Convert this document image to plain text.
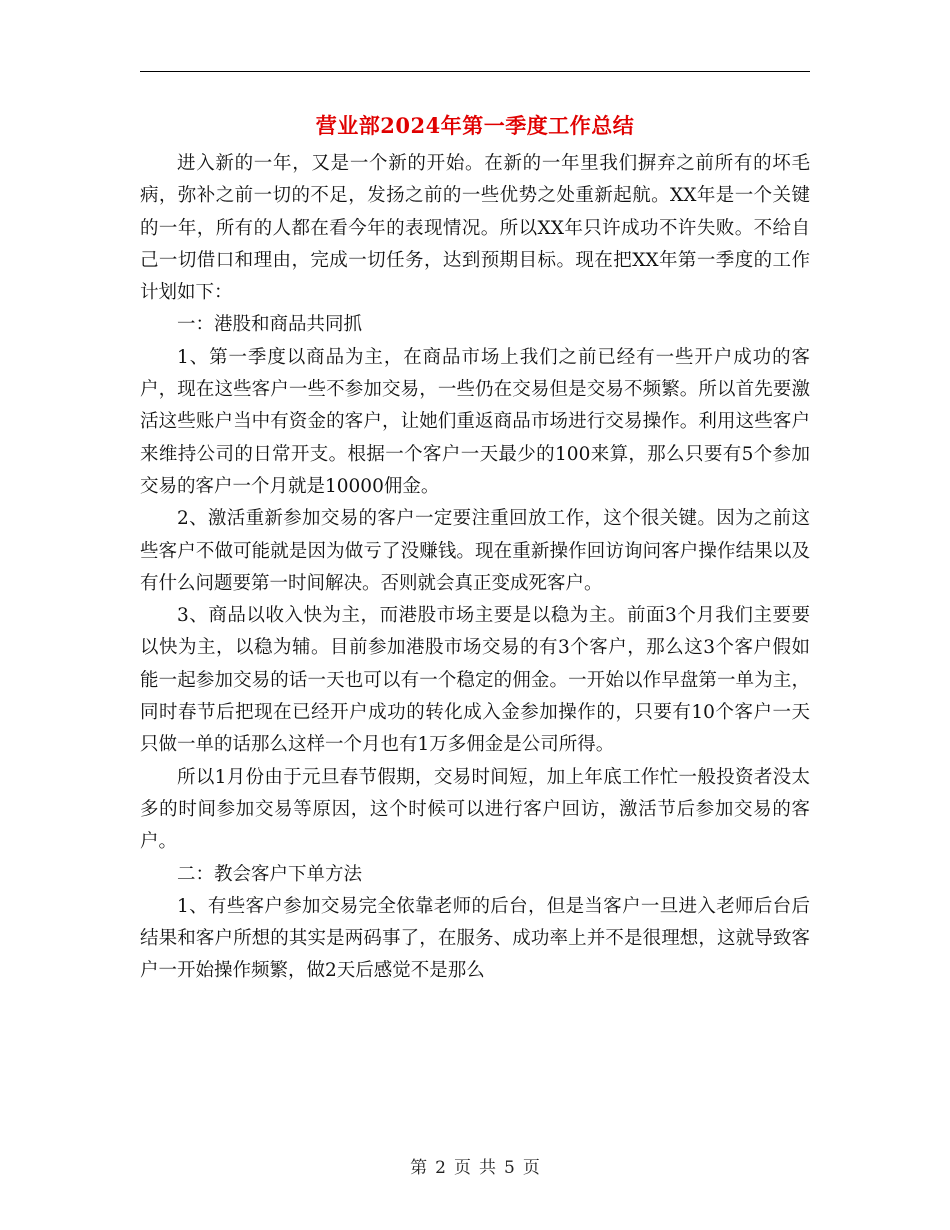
营业部2024年第一季度工作总结

进入新的一年，又是一个新的开始。在新的一年里我们摒弃之前所有的坏毛病，弥补之前一切的不足，发扬之前的一些优势之处重新起航。XX年是一个关键的一年，所有的人都在看今年的表现情况。所以XX年只许成功不许失败。不给自己一切借口和理由，完成一切任务，达到预期目标。现在把XX年第一季度的工作计划如下：

一：港股和商品共同抓

1、第一季度以商品为主，在商品市场上我们之前已经有一些开户成功的客户，现在这些客户一些不参加交易，一些仍在交易但是交易不频繁。所以首先要激活这些账户当中有资金的客户，让她们重返商品市场进行交易操作。利用这些客户来维持公司的日常开支。根据一个客户一天最少的100来算，那么只要有5个参加交易的客户一个月就是10000佣金。

2、激活重新参加交易的客户一定要注重回放工作，这个很关键。因为之前这些客户不做可能就是因为做亏了没赚钱。现在重新操作回访询问客户操作结果以及有什么问题要第一时间解决。否则就会真正变成死客户。

3、商品以收入快为主，而港股市场主要是以稳为主。前面3个月我们主要要以快为主，以稳为辅。目前参加港股市场交易的有3个客户，那么这3个客户假如能一起参加交易的话一天也可以有一个稳定的佣金。一开始以作早盘第一单为主，同时春节后把现在已经开户成功的转化成入金参加操作的，只要有10个客户一天只做一单的话那么这样一个月也有1万多佣金是公司所得。

所以1月份由于元旦春节假期，交易时间短，加上年底工作忙一般投资者没太多的时间参加交易等原因，这个时候可以进行客户回访，激活节后参加交易的客户。

二：教会客户下单方法

1、有些客户参加交易完全依靠老师的后台，但是当客户一旦进入老师后台后结果和客户所想的其实是两码事了，在服务、成功率上并不是很理想，这就导致客户一开始操作频繁，做2天后感觉不是那么

第 2 页 共 5 页
